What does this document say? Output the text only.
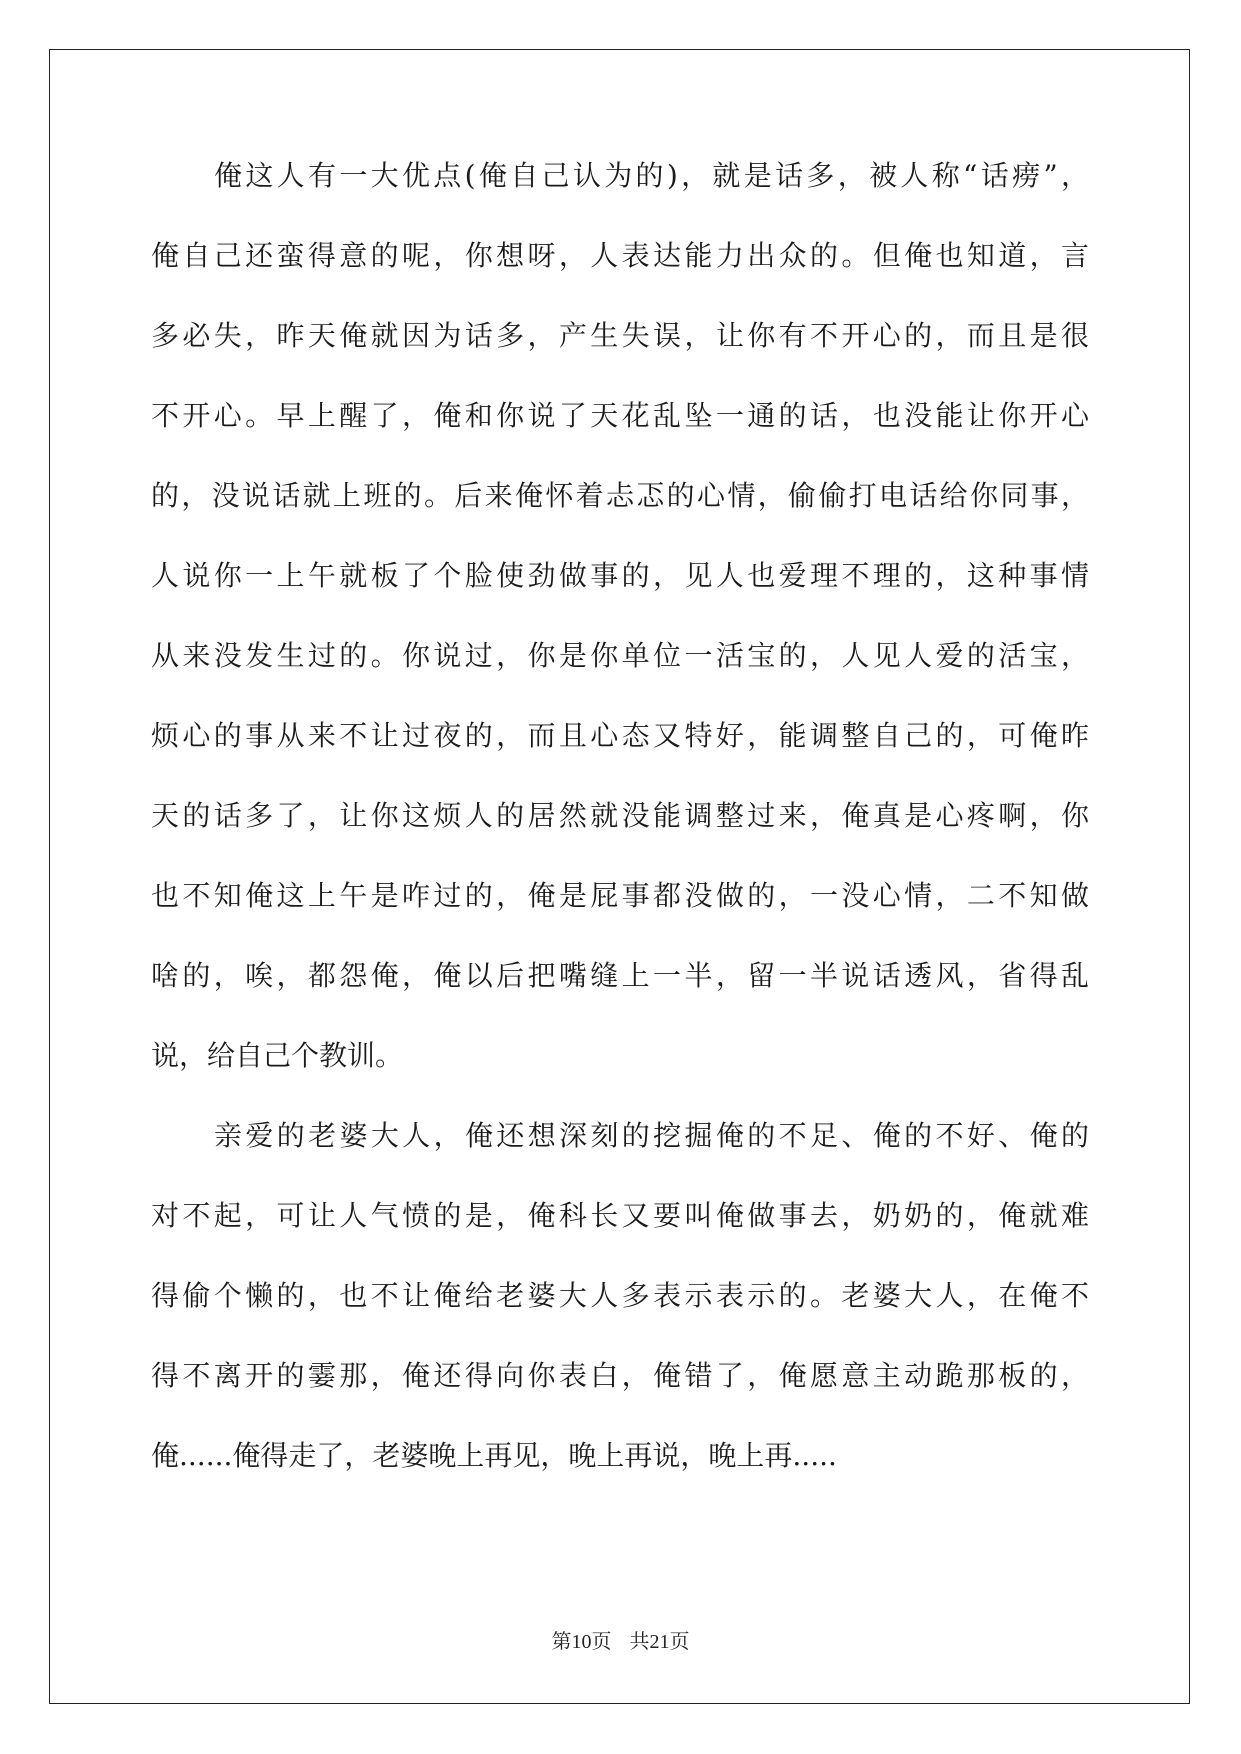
俺这人有一大优点(俺自己认为的)，就是话多，被人称“话痨”，
俺自己还蛮得意的呢，你想呀，人表达能力出众的。但俺也知道，言
多必失，昨天俺就因为话多，产生失误，让你有不开心的，而且是很
不开心。早上醒了，俺和你说了天花乱坠一通的话，也没能让你开心
的，没说话就上班的。后来俺怀着忐忑的心情，偷偷打电话给你同事，
人说你一上午就板了个脸使劲做事的，见人也爱理不理的，这种事情
从来没发生过的。你说过，你是你单位一活宝的，人见人爱的活宝，
烦心的事从来不让过夜的，而且心态又特好，能调整自己的，可俺昨
天的话多了，让你这烦人的居然就没能调整过来，俺真是心疼啊，你
也不知俺这上午是咋过的，俺是屁事都没做的，一没心情，二不知做
啥的，唉，都怨俺，俺以后把嘴缝上一半，留一半说话透风，省得乱
说，给自己个教训。
亲爱的老婆大人，俺还想深刻的挖掘俺的不足、俺的不好、俺的
对不起，可让人气愤的是，俺科长又要叫俺做事去，奶奶的，俺就难
得偷个懒的，也不让俺给老婆大人多表示表示的。老婆大人，在俺不
得不离开的霎那，俺还得向你表白，俺错了，俺愿意主动跪那板的，
俺......俺得走了，老婆晚上再见，晚上再说，晚上再.....
第10页 共21页
